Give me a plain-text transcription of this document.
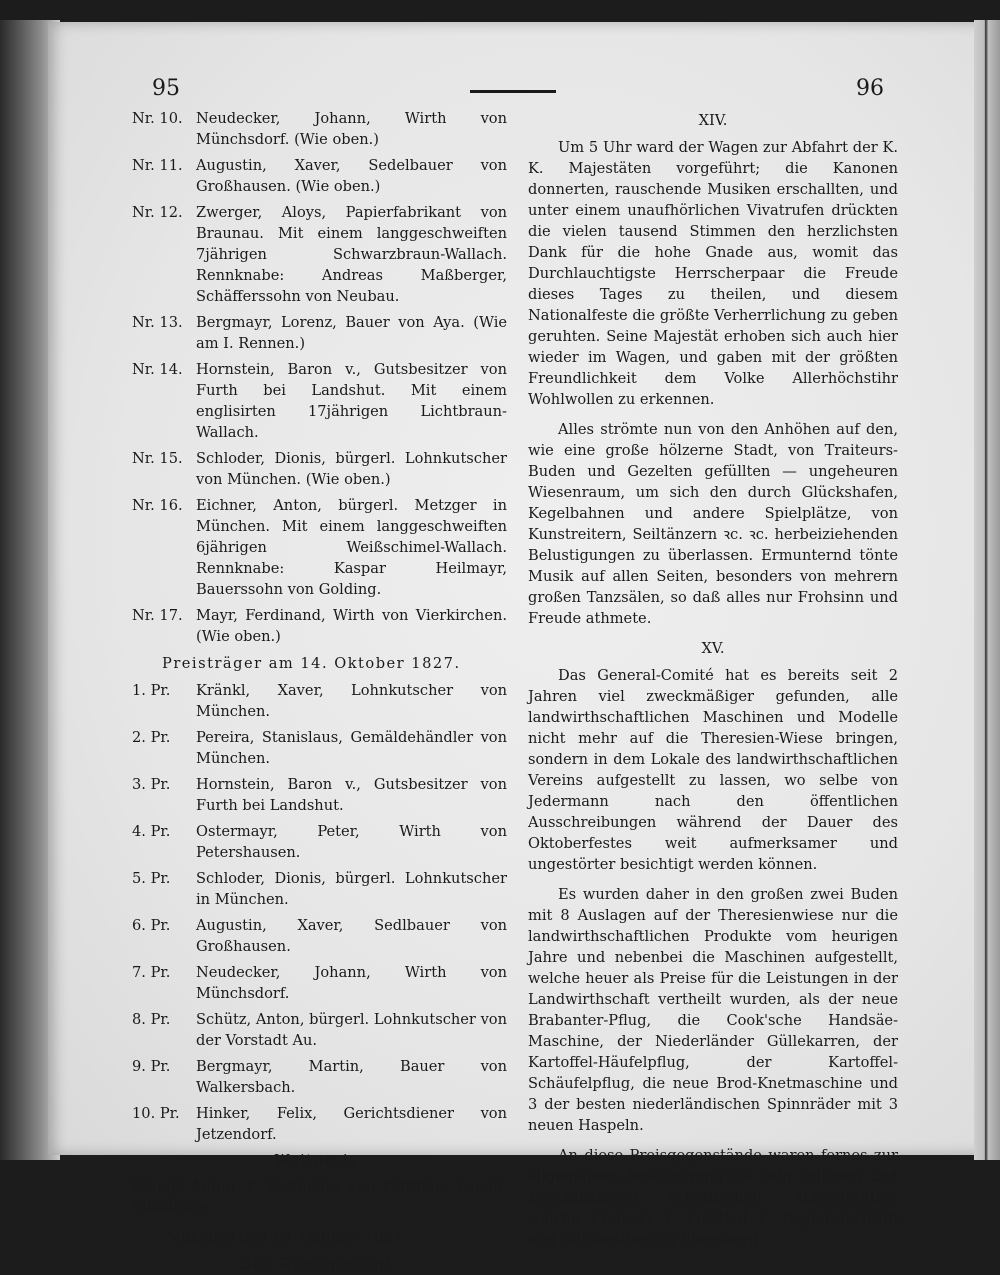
95	96
Nr. 10. Neudecker, Johann, Wirth von Münchsdorf. (Wie oben.)
Nr. 11. Augustin, Xaver, Sedelbauer von Großhausen. (Wie oben.)
Nr. 12. Zwerger, Aloys, Papierfabrikant von Braunau. Mit einem langgeschweiften 7jährigen Schwarzbraun-Wallach. Rennknabe: Andreas Maßberger, Schäfferssohn von Neubau.
Nr. 13. Bergmayr, Lorenz, Bauer von Aya. (Wie am I. Rennen.)
Nr. 14. Hornstein, Baron v., Gutsbesitzer von Furth bei Landshut. Mit einem englisirten 17jährigen Lichtbraun-Wallach.
Nr. 15. Schloder, Dionis, bürgerl. Lohnkutscher von München. (Wie oben.)
Nr. 16. Eichner, Anton, bürgerl. Metzger in München. Mit einem langgeschweiften 6jährigen Weißschimel-Wallach. Rennknabe: Kaspar Heilmayr, Bauerssohn von Golding.
Nr. 17. Mayr, Ferdinand, Wirth von Vierkirchen. (Wie oben.)
Preisträger am 14. Oktober 1827.
1. Pr.	Kränkl, Xaver, Lohnkutscher von München.
2. Pr.	Pereira, Stanislaus, Gemäldehändler von München.
3. Pr.	Hornstein, Baron v., Gutsbesitzer von Furth bei Landshut.
4. Pr.	Ostermayr, Peter, Wirth von Petershausen.
5. Pr.	Schloder, Dionis, bürgerl. Lohnkutscher in München.
6. Pr.	Augustin, Xaver, Sedlbauer von Großhausen.
7. Pr.	Neudecker, Johann, Wirth von Münchsdorf.
8. Pr.	Schütz, Anton, bürgerl. Lohnkutscher von der Vorstadt Au.
9. Pr.	Bergmayr, Martin, Bauer von Walkersbach.
10. Pr.	Hinker, Felix, Gerichtsdiener von Jetzendorf.
Weitpreis.
Stangl, Anton, k. Posthalter von Plattling, Landg. Vilsbiburg.
München den 18. Oktober 1827.
Das Renngericht.
XIV.
Um 5 Uhr ward der Wagen zur Abfahrt der K. K. Majestäten vorgeführt; die Kanonen donnerten, rauschende Musiken erschallten, und unter einem unaufhörlichen Vivatrufen drückten die vielen tausend Stimmen den herzlichsten Dank für die hohe Gnade aus, womit das Durchlauchtigste Herrscherpaar die Freude dieses Tages zu theilen, und diesem Nationalfeste die größte Verherrlichung zu geben geruhten. Seine Majestät erhoben sich auch hier wieder im Wagen, und gaben mit der größten Freundlichkeit dem Volke Allerhöchstihr Wohlwollen zu erkennen.
Alles strömte nun von den Anhöhen auf den, wie eine große hölzerne Stadt, von Traiteurs-Buden und Gezelten gefüllten — ungeheuren Wiesenraum, um sich den durch Glückshafen, Kegelbahnen und andere Spielplätze, von Kunstreitern, Seiltänzern ꝛc. ꝛc. herbeiziehenden Belustigungen zu überlassen. Ermunternd tönte Musik auf allen Seiten, besonders von mehrern großen Tanzsälen, so daß alles nur Frohsinn und Freude athmete.
XV.
Das General-Comité hat es bereits seit 2 Jahren viel zweckmäßiger gefunden, alle landwirthschaftlichen Maschinen und Modelle nicht mehr auf die Theresien-Wiese bringen, sondern in dem Lokale des landwirthschaftlichen Vereins aufgestellt zu lassen, wo selbe von Jedermann nach den öffentlichen Ausschreibungen während der Dauer des Oktoberfestes weit aufmerksamer und ungestörter besichtigt werden können.
Es wurden daher in den großen zwei Buden mit 8 Auslagen auf der Theresienwiese nur die landwirthschaftlichen Produkte vom heurigen Jahre und nebenbei die Maschinen aufgestellt, welche heuer als Preise für die Leistungen in der Landwirthschaft vertheilt wurden, als der neue Brabanter-Pflug, die Cook'sche Handsäe-Maschine, der Niederländer Güllekarren, der Kartoffel-Häufelpflug, der Kartoffel-Schäufelpflug, die neue Brod-Knetmaschine und 3 der besten niederländischen Spinnräder mit 3 neuen Haspeln.
An diese Preisgegenstände waren fernes zur allgemeinen Besichtigung die sehr schönen und zweckmäßigen schottischen Ackergeräthe, welche Freiherr v. Eichthal k. Regierungsrath und Gutsbesitzer zu Ebersberg
